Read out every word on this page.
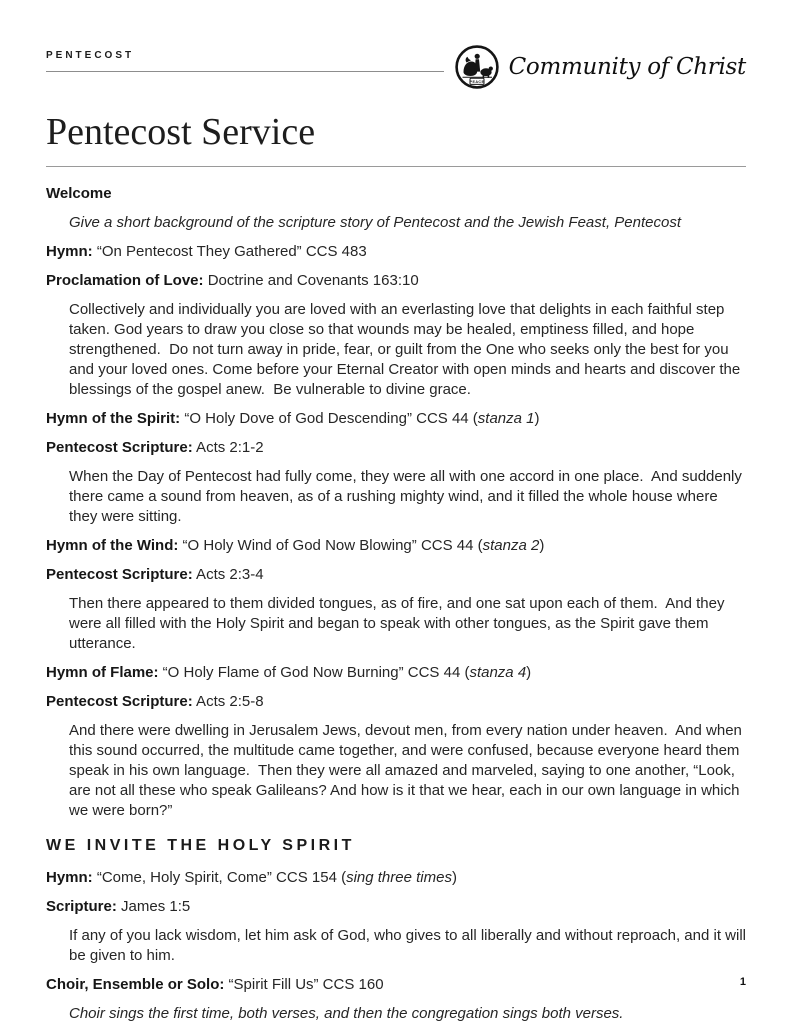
PENTECOST
PEACE
Community of Christ
Pentecost Service

Welcome

Give a short background of the scripture story of Pentecost and the Jewish Feast, Pentecost

Hymn: “On Pentecost They Gathered” CCS 483

Proclamation of Love: Doctrine and Covenants 163:10

Collectively and individually you are loved with an everlasting love that delights in each faithful step taken. God years to draw you close so that wounds may be healed, emptiness filled, and hope strengthened.  Do not turn away in pride, fear, or guilt from the One who seeks only the best for you and your loved ones. Come before your Eternal Creator with open minds and hearts and discover the blessings of the gospel anew.  Be vulnerable to divine grace.

Hymn of the Spirit: “O Holy Dove of God Descending” CCS 44 (stanza 1)

Pentecost Scripture: Acts 2:1-2

When the Day of Pentecost had fully come, they were all with one accord in one place.  And suddenly there came a sound from heaven, as of a rushing mighty wind, and it filled the whole house where they were sitting.

Hymn of the Wind: “O Holy Wind of God Now Blowing” CCS 44 (stanza 2)

Pentecost Scripture: Acts 2:3-4

Then there appeared to them divided tongues, as of fire, and one sat upon each of them.  And they were all filled with the Holy Spirit and began to speak with other tongues, as the Spirit gave them utterance.

Hymn of Flame: “O Holy Flame of God Now Burning” CCS 44 (stanza 4)

Pentecost Scripture: Acts 2:5-8

And there were dwelling in Jerusalem Jews, devout men, from every nation under heaven.  And when this sound occurred, the multitude came together, and were confused, because everyone heard them speak in his own language.  Then they were all amazed and marveled, saying to one another, “Look, are not all these who speak Galileans? And how is it that we hear, each in our own language in which we were born?”

WE INVITE THE HOLY SPIRIT

Hymn: “Come, Holy Spirit, Come” CCS 154 (sing three times)

Scripture: James 1:5

If any of you lack wisdom, let him ask of God, who gives to all liberally and without reproach, and it will be given to him.

Choir, Ensemble or Solo: “Spirit Fill Us” CCS 160

Choir sings the first time, both verses, and then the congregation sings both verses.

1
